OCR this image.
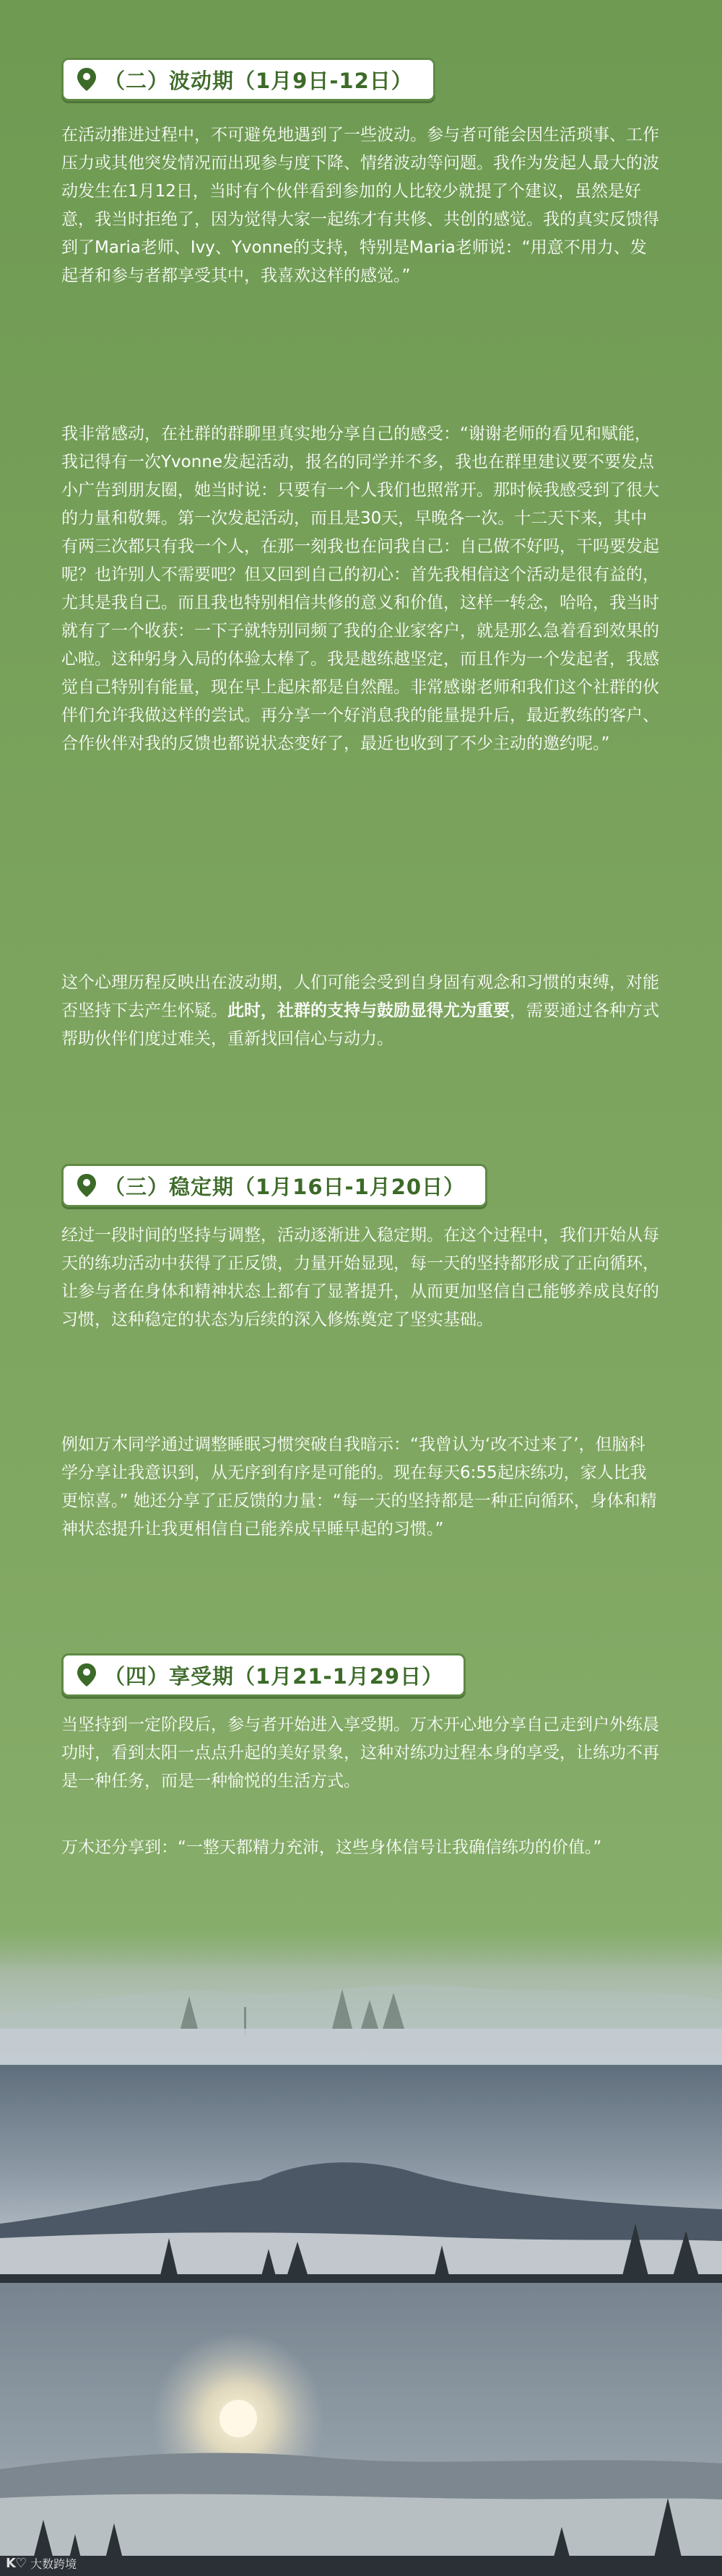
（二）波动期（1月9日-12日）

在活动推进过程中，不可避免地遇到了一些波动。参与者可能会因生活琐事、工作压力或其他突发情况而出现参与度下降、情绪波动等问题。我作为发起人最大的波动发生在1月12日，当时有个伙伴看到参加的人比较少就提了个建议，虽然是好意，我当时拒绝了，因为觉得大家一起练才有共修、共创的感觉。我的真实反馈得到了Maria老师、Ivy、Yvonne的支持，特别是Maria老师说：“用意不用力、发起者和参与者都享受其中，我喜欢这样的感觉。”

我非常感动，在社群的群聊里真实地分享自己的感受：“谢谢老师的看见和赋能，我记得有一次Yvonne发起活动，报名的同学并不多，我也在群里建议要不要发点小广告到朋友圈，她当时说：只要有一个人我们也照常开。那时候我感受到了很大的力量和敬舞。第一次发起活动，而且是30天，早晚各一次。十二天下来，其中有两三次都只有我一个人，在那一刻我也在问我自己：自己做不好吗，干吗要发起呢？也许别人不需要吧？但又回到自己的初心：首先我相信这个活动是很有益的，尤其是我自己。而且我也特别相信共修的意义和价值，这样一转念，哈哈，我当时就有了一个收获：一下子就特别同频了我的企业家客户，就是那么急着看到效果的心啦。这种躬身入局的体验太棒了。我是越练越坚定，而且作为一个发起者，我感觉自己特别有能量，现在早上起床都是自然醒。非常感谢老师和我们这个社群的伙伴们允许我做这样的尝试。再分享一个好消息我的能量提升后，最近教练的客户、合作伙伴对我的反馈也都说状态变好了，最近也收到了不少主动的邀约呢。”

这个心理历程反映出在波动期，人们可能会受到自身固有观念和习惯的束缚，对能否坚持下去产生怀疑。此时，社群的支持与鼓励显得尤为重要，需要通过各种方式帮助伙伴们度过难关，重新找回信心与动力。

（三）稳定期（1月16日-1月20日）

经过一段时间的坚持与调整，活动逐渐进入稳定期。在这个过程中，我们开始从每天的练功活动中获得了正反馈，力量开始显现，每一天的坚持都形成了正向循环，让参与者在身体和精神状态上都有了显著提升，从而更加坚信自己能够养成良好的习惯，这种稳定的状态为后续的深入修炼奠定了坚实基础。

例如万木同学通过调整睡眠习惯突破自我暗示：“我曾认为‘改不过来了’，但脑科学分享让我意识到，从无序到有序是可能的。现在每天6:55起床练功，家人比我更惊喜。” 她还分享了正反馈的力量：“每一天的坚持都是一种正向循环，身体和精神状态提升让我更相信自己能养成早睡早起的习惯。”

（四）享受期（1月21-1月29日）

当坚持到一定阶段后，参与者开始进入享受期。万木开心地分享自己走到户外练晨功时，看到太阳一点点升起的美好景象，这种对练功过程本身的享受，让练功不再是一种任务，而是一种愉悦的生活方式。

万木还分享到：“一整天都精力充沛，这些身体信号让我确信练功的价值。”

K♡ 大数跨境
